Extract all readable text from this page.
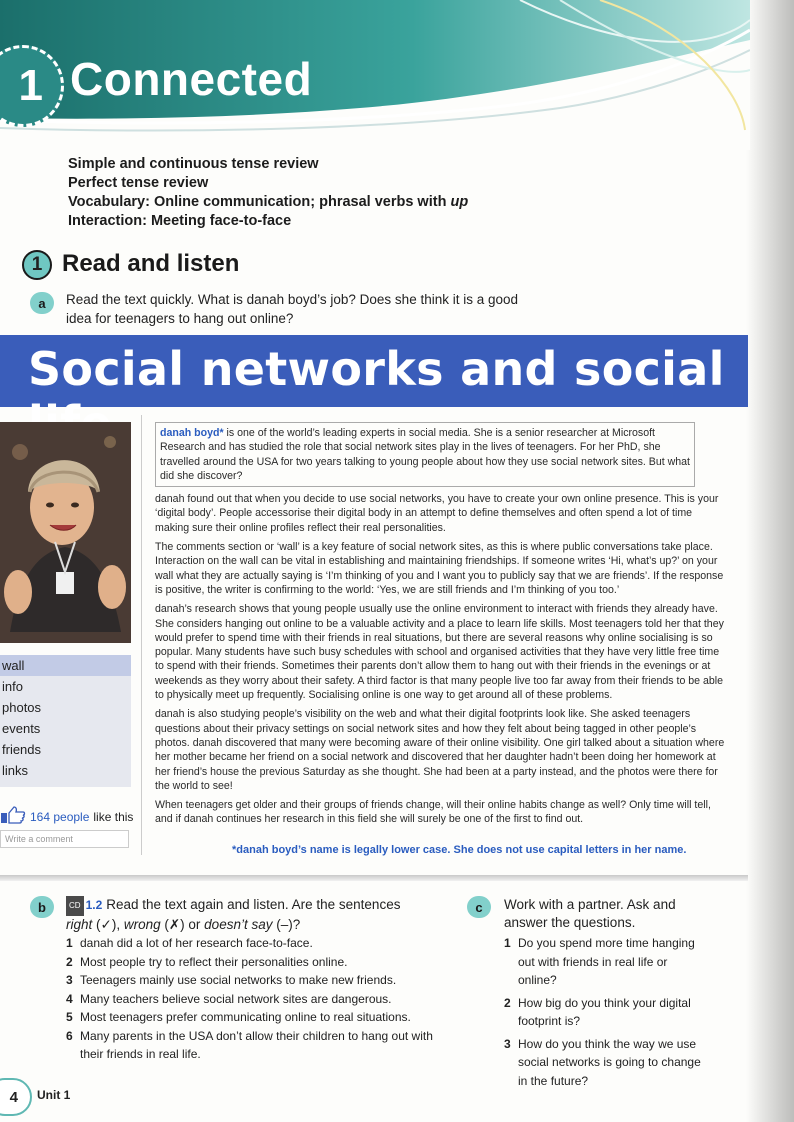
1 Connected
Simple and continuous tense review
Perfect tense review
Vocabulary: Online communication; phrasal verbs with up
Interaction: Meeting face-to-face
1 Read and listen
a	Read the text quickly. What is danah boyd’s job? Does she think it is a good idea for teenagers to hang out online?
Social networks and social
wall
info
photos
events
friends
links
164 people like this
Write a comment

danah boyd* is one of the world’s leading experts in social media. She is a senior researcher at Microsoft Research and has studied the role that social network sites play in the lives of teenagers. For her PhD, she travelled around the USA for two years talking to young people about how they use social network sites. But what did she discover?

danah found out that when you decide to use social networks, you have to create your own online presence. This is your ‘digital body’. People accessorise their digital body in an attempt to define themselves and often spend a lot of time making sure their online profiles reflect their real personalities.

The comments section or ‘wall’ is a key feature of social network sites, as this is where public conversations take place. Interaction on the wall can be vital in establishing and maintaining friendships. If someone writes ‘Hi, what’s up?’ on your wall what they are actually saying is ‘I’m thinking of you and I want you to publicly say that we are friends’. If the response is positive, the writer is confirming to the world: ‘Yes, we are still friends and I’m thinking of you too.’

danah’s research shows that young people usually use the online environment to interact with friends they already have. She considers hanging out online to be a valuable activity and a place to learn life skills. Most teenagers told her that they would prefer to spend time with their friends in real situations, but there are several reasons why online socialising is so popular. Many students have such busy schedules with school and organised activities that they have very little free time to spend with their friends. Sometimes their parents don’t allow them to hang out with their friends in the evenings or at weekends as they worry about their safety. A third factor is that many people live too far away from their friends to be able to physically meet up frequently. Socialising online is one way to get around all of these problems.

danah is also studying people’s visibility on the web and what their digital footprints look like. She asked teenagers questions about their privacy settings on social network sites and how they felt about being tagged in other people’s photos. danah discovered that many were becoming aware of their online visibility. One girl talked about a situation where her mother became her friend on a social network and discovered that her daughter hadn’t been doing her homework at her friend’s house the previous Saturday as she thought. She had been at a party instead, and the photos were there for the world to see!

When teenagers get older and their groups of friends change, will their online habits change as well? Only time will tell, and if danah continues her research in this field she will surely be one of the first to find out.

*danah boyd’s name is legally lower case. She does not use capital letters in her name.
b	CD 1.2 Read the text again and listen. Are the sentences
right (✓), wrong (✗) or doesn’t say (–)?
1 danah did a lot of her research face-to-face.
2 Most people try to reflect their personalities online.
3 Teenagers mainly use social networks to make new friends.
4 Many teachers believe social network sites are dangerous.
5 Most teenagers prefer communicating online to real situations.
6 Many parents in the USA don’t allow their children to hang out with their friends in real life.
c	Work with a partner. Ask and answer the questions.
1 Do you spend more time hanging out with friends in real life or online?
2 How big do you think your digital footprint is?
3 How do you think the way we use social networks is going to change in the future?
4	Unit 1
